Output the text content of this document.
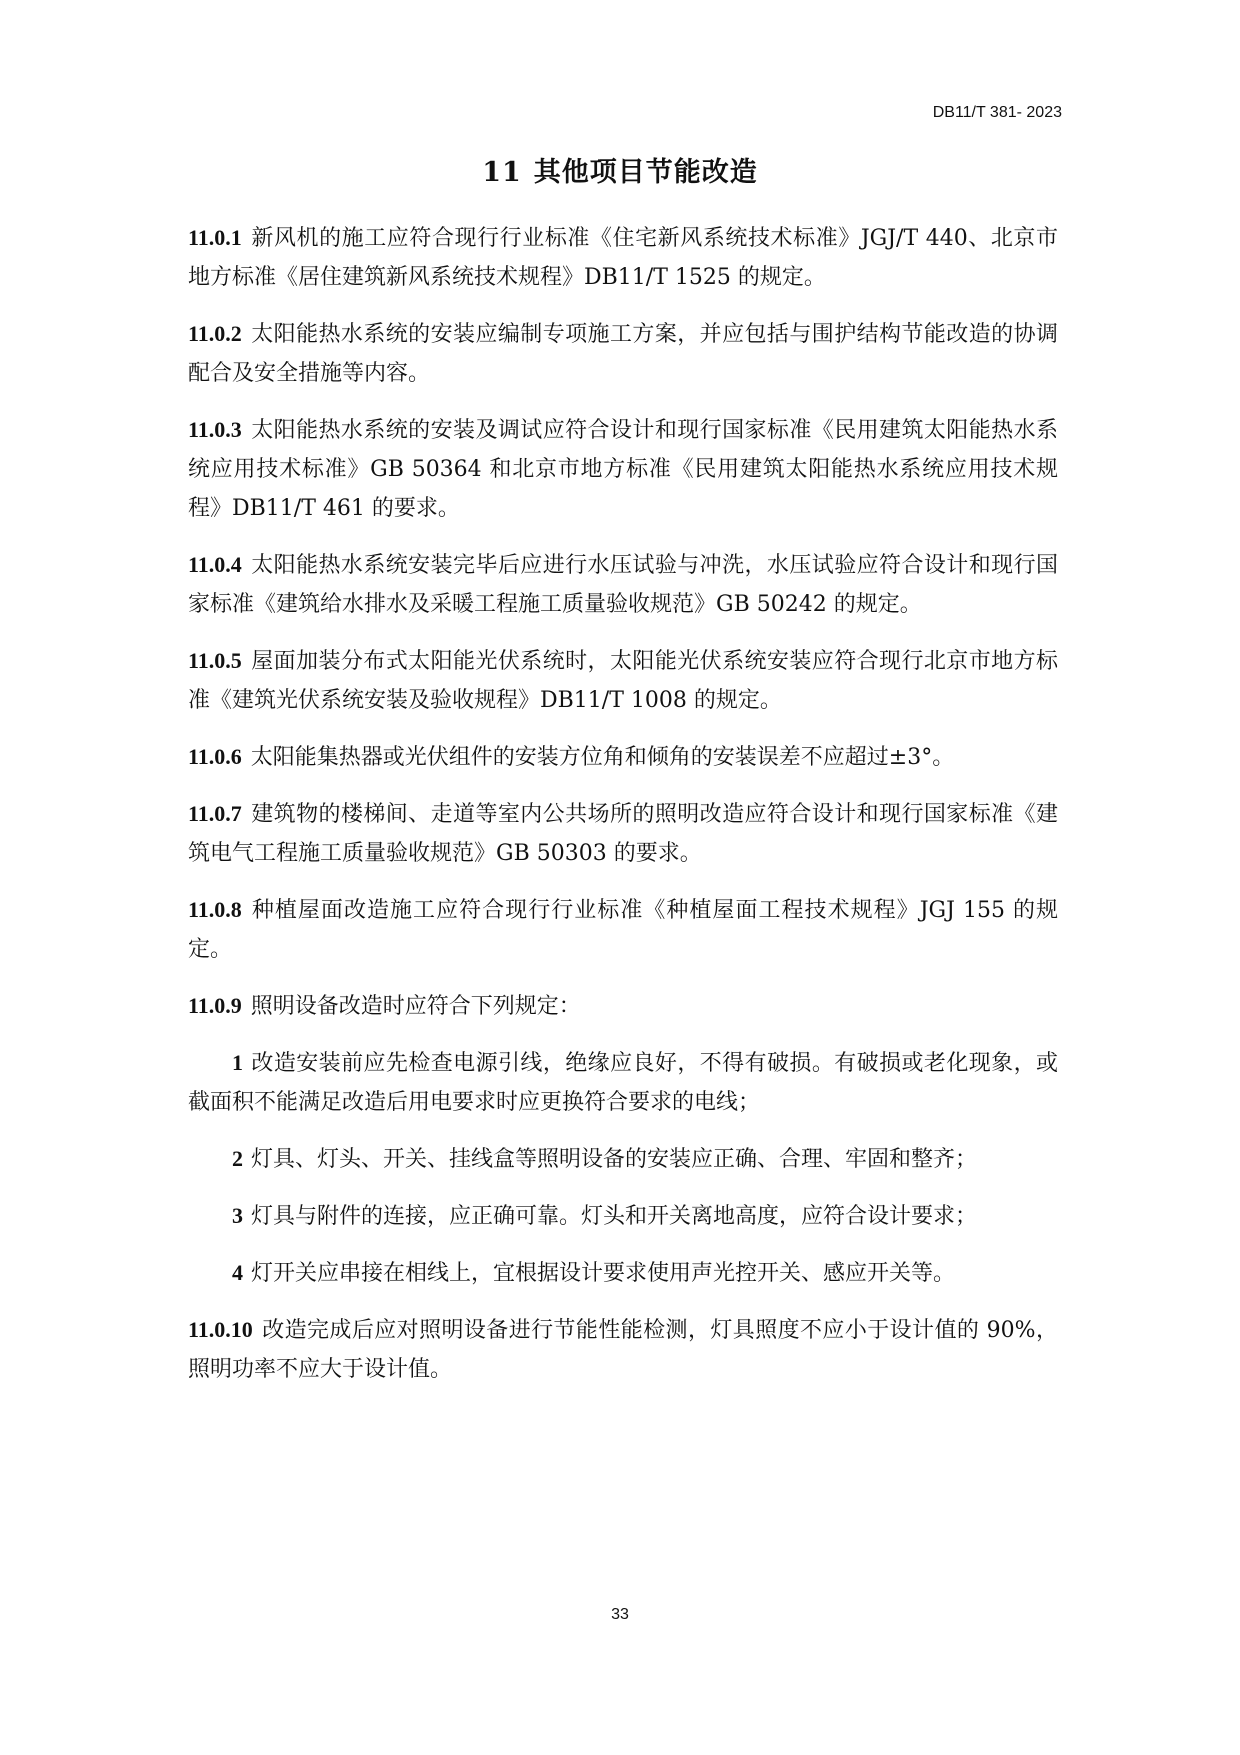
DB11/T 381- 2023
11 其他项目节能改造

11.0.1 新风机的施工应符合现行行业标准《住宅新风系统技术标准》JGJ/T 440、北京市地方标准《居住建筑新风系统技术规程》DB11/T 1525 的规定。

11.0.2 太阳能热水系统的安装应编制专项施工方案，并应包括与围护结构节能改造的协调配合及安全措施等内容。

11.0.3 太阳能热水系统的安装及调试应符合设计和现行国家标准《民用建筑太阳能热水系统应用技术标准》GB 50364 和北京市地方标准《民用建筑太阳能热水系统应用技术规程》DB11/T 461 的要求。

11.0.4 太阳能热水系统安装完毕后应进行水压试验与冲洗，水压试验应符合设计和现行国家标准《建筑给水排水及采暖工程施工质量验收规范》GB 50242 的规定。

11.0.5 屋面加装分布式太阳能光伏系统时，太阳能光伏系统安装应符合现行北京市地方标准《建筑光伏系统安装及验收规程》DB11/T 1008 的规定。

11.0.6 太阳能集热器或光伏组件的安装方位角和倾角的安装误差不应超过±3°。

11.0.7 建筑物的楼梯间、走道等室内公共场所的照明改造应符合设计和现行国家标准《建筑电气工程施工质量验收规范》GB 50303 的要求。

11.0.8 种植屋面改造施工应符合现行行业标准《种植屋面工程技术规程》JGJ 155 的规定。

11.0.9 照明设备改造时应符合下列规定：

1 改造安装前应先检查电源引线，绝缘应良好，不得有破损。有破损或老化现象，或截面积不能满足改造后用电要求时应更换符合要求的电线；

2 灯具、灯头、开关、挂线盒等照明设备的安装应正确、合理、牢固和整齐；

3 灯具与附件的连接，应正确可靠。灯头和开关离地高度，应符合设计要求；

4 灯开关应串接在相线上，宜根据设计要求使用声光控开关、感应开关等。

11.0.10 改造完成后应对照明设备进行节能性能检测，灯具照度不应小于设计值的 90%，照明功率不应大于设计值。

33
